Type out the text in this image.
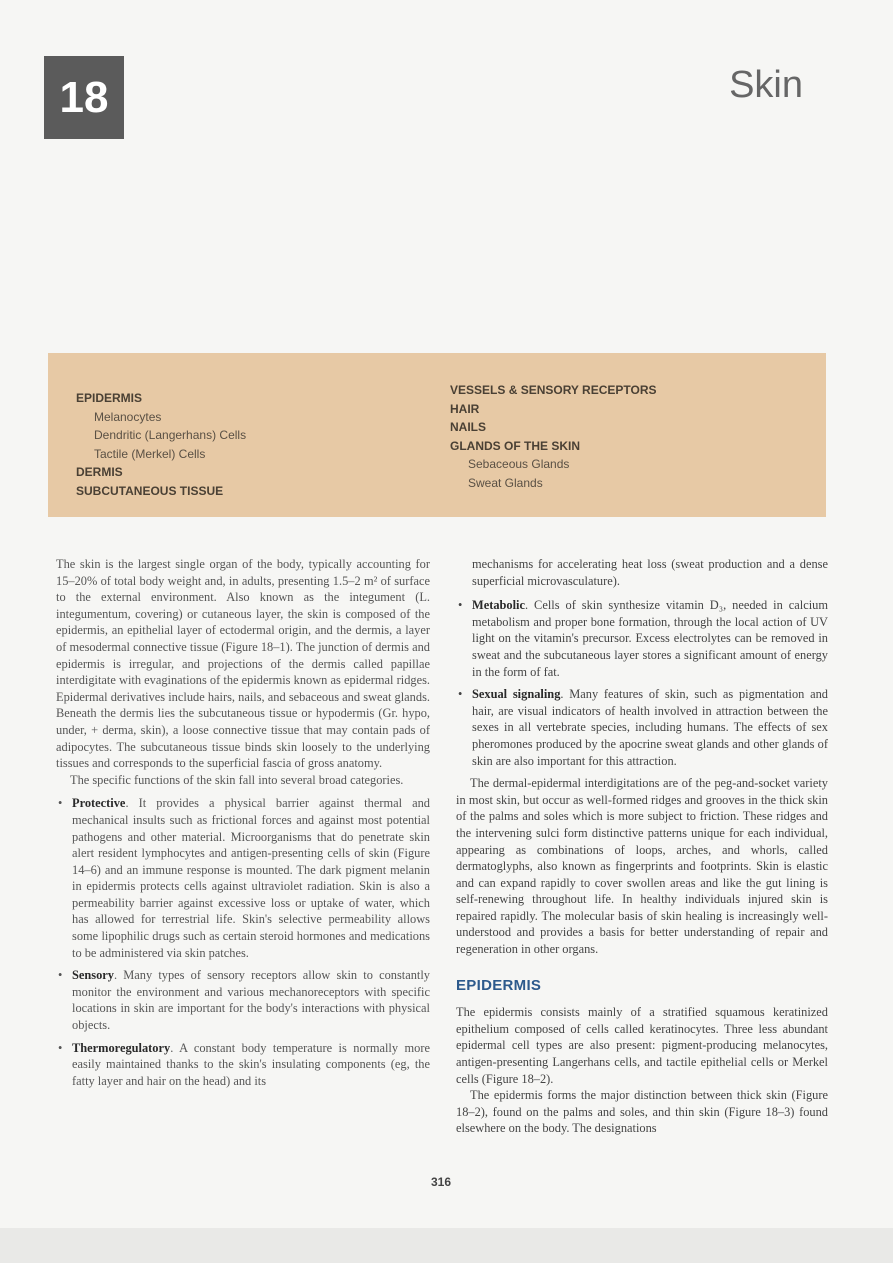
18	Skin
EPIDERMIS
Melanocytes
Dendritic (Langerhans) Cells
Tactile (Merkel) Cells
DERMIS
SUBCUTANEOUS TISSUE
VESSELS & SENSORY RECEPTORS
HAIR
NAILS
GLANDS OF THE SKIN
Sebaceous Glands
Sweat Glands

The skin is the largest single organ of the body, typically accounting for 15–20% of total body weight and, in adults, presenting 1.5–2 m² of surface to the external environment. Also known as the integument (L. integumentum, covering) or cutaneous layer, the skin is composed of the epidermis, an epithelial layer of ectodermal origin, and the dermis, a layer of mesodermal connective tissue (Figure 18–1). The junction of dermis and epidermis is irregular, and projections of the dermis called papillae interdigitate with evaginations of the epidermis known as epidermal ridges. Epidermal derivatives include hairs, nails, and sebaceous and sweat glands. Beneath the dermis lies the subcutaneous tissue or hypodermis (Gr. hypo, under, + derma, skin), a loose connective tissue that may contain pads of adipocytes. The subcutaneous tissue binds skin loosely to the underlying tissues and corresponds to the superficial fascia of gross anatomy.

The specific functions of the skin fall into several broad categories.

• Protective. It provides a physical barrier against thermal and mechanical insults such as frictional forces and against most potential pathogens and other material. Microorganisms that do penetrate skin alert resident lymphocytes and antigen-presenting cells of skin (Figure 14–6) and an immune response is mounted. The dark pigment melanin in epidermis protects cells against ultraviolet radiation. Skin is also a permeability barrier against excessive loss or uptake of water, which has allowed for terrestrial life. Skin's selective permeability allows some lipophilic drugs such as certain steroid hormones and medications to be administered via skin patches.
• Sensory. Many types of sensory receptors allow skin to constantly monitor the environment and various mechanoreceptors with specific locations in skin are important for the body's interactions with physical objects.
• Thermoregulatory. A constant body temperature is normally more easily maintained thanks to the skin's insulating components (eg, the fatty layer and hair on the head) and its

mechanisms for accelerating heat loss (sweat production and a dense superficial microvasculature).

• Metabolic. Cells of skin synthesize vitamin D₃, needed in calcium metabolism and proper bone formation, through the local action of UV light on the vitamin's precursor. Excess electrolytes can be removed in sweat and the subcutaneous layer stores a significant amount of energy in the form of fat.
• Sexual signaling. Many features of skin, such as pigmentation and hair, are visual indicators of health involved in attraction between the sexes in all vertebrate species, including humans. The effects of sex pheromones produced by the apocrine sweat glands and other glands of skin are also important for this attraction.

The dermal-epidermal interdigitations are of the peg-and-socket variety in most skin, but occur as well-formed ridges and grooves in the thick skin of the palms and soles which is more subject to friction. These ridges and the intervening sulci form distinctive patterns unique for each individual, appearing as combinations of loops, arches, and whorls, called dermatoglyphs, also known as fingerprints and footprints. Skin is elastic and can expand rapidly to cover swollen areas and like the gut lining is self-renewing throughout life. In healthy individuals injured skin is repaired rapidly. The molecular basis of skin healing is increasingly well-understood and provides a basis for better understanding of repair and regeneration in other organs.

EPIDERMIS

The epidermis consists mainly of a stratified squamous keratinized epithelium composed of cells called keratinocytes. Three less abundant epidermal cell types are also present: pigment-producing melanocytes, antigen-presenting Langerhans cells, and tactile epithelial cells or Merkel cells (Figure 18–2).

The epidermis forms the major distinction between thick skin (Figure 18–2), found on the palms and soles, and thin skin (Figure 18–3) found elsewhere on the body. The designations

316
